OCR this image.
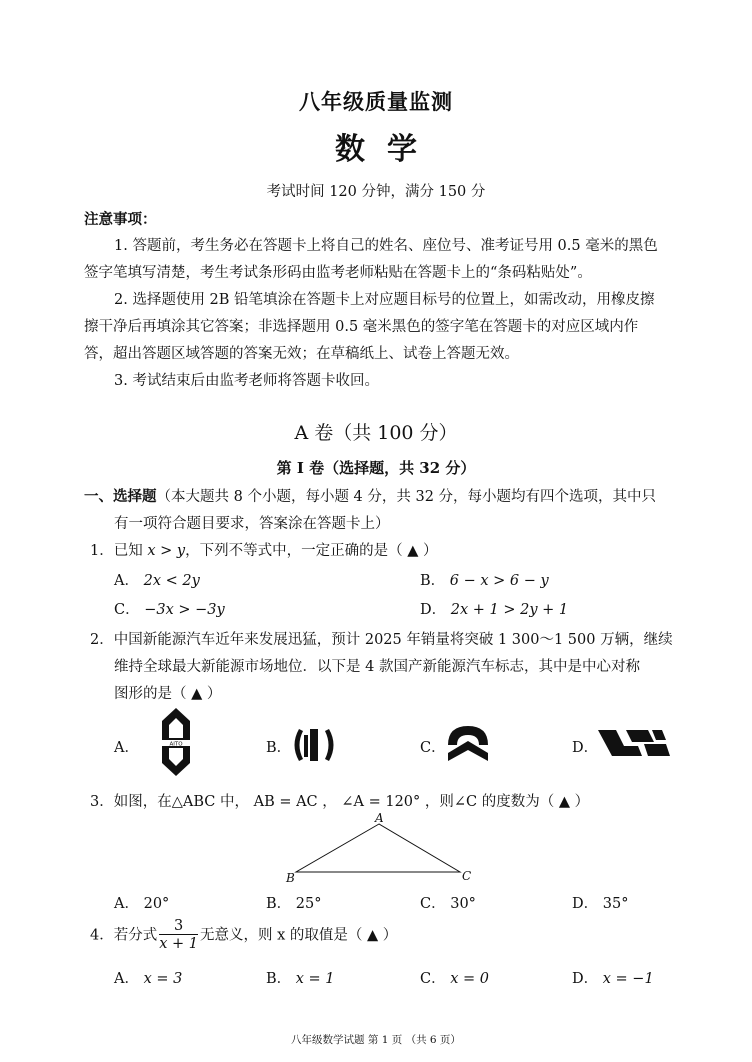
八年级质量监测
数学
考试时间 120 分钟，满分 150 分
注意事项：
1. 答题前，考生务必在答题卡上将自己的姓名、座位号、准考证号用 0.5 毫米的黑色
签字笔填写清楚，考生考试条形码由监考老师粘贴在答题卡上的“条码粘贴处”。
2. 选择题使用 2B 铅笔填涂在答题卡上对应题目标号的位置上，如需改动，用橡皮擦
擦干净后再填涂其它答案；非选择题用 0.5 毫米黑色的签字笔在答题卡的对应区域内作
答，超出答题区域答题的答案无效；在草稿纸上、试卷上答题无效。
3. 考试结束后由监考老师将答题卡收回。
A 卷（共 100 分）
第 I 卷（选择题，共 32 分）
一、选择题（本大题共 8 个小题，每小题 4 分，共 32 分，每小题均有四个选项，其中只
有一项符合题目要求，答案涂在答题卡上）
1．已知 x > y，下列不等式中，一定正确的是（ ▲ ）
A． 2x < 2y	B． 6 − x > 6 − y
C． −3x > −3y	D． 2x + 1 > 2y + 1
2．中国新能源汽车近年来发展迅猛，预计 2025 年销量将突破 1 300～1 500 万辆，继续
维持全球最大新能源市场地位．以下是 4 款国产新能源汽车标志，其中是中心对称
图形的是（ ▲ ）
A．	AITO	B．	C．	D．
3．如图，在△ABC 中， AB = AC ， ∠A = 120° ，则∠C 的度数为（ ▲ ）
A
B	C
A． 20°	B． 25°	C． 30°	D． 35°
4．若分式 $\frac{3}{x + 1}$ 无意义，则 x 的取值是（ ▲ ）
A． x = 3	B． x = 1	C． x = 0	D． x = −1
八年级数学试题 第 1 页 （共 6 页）
